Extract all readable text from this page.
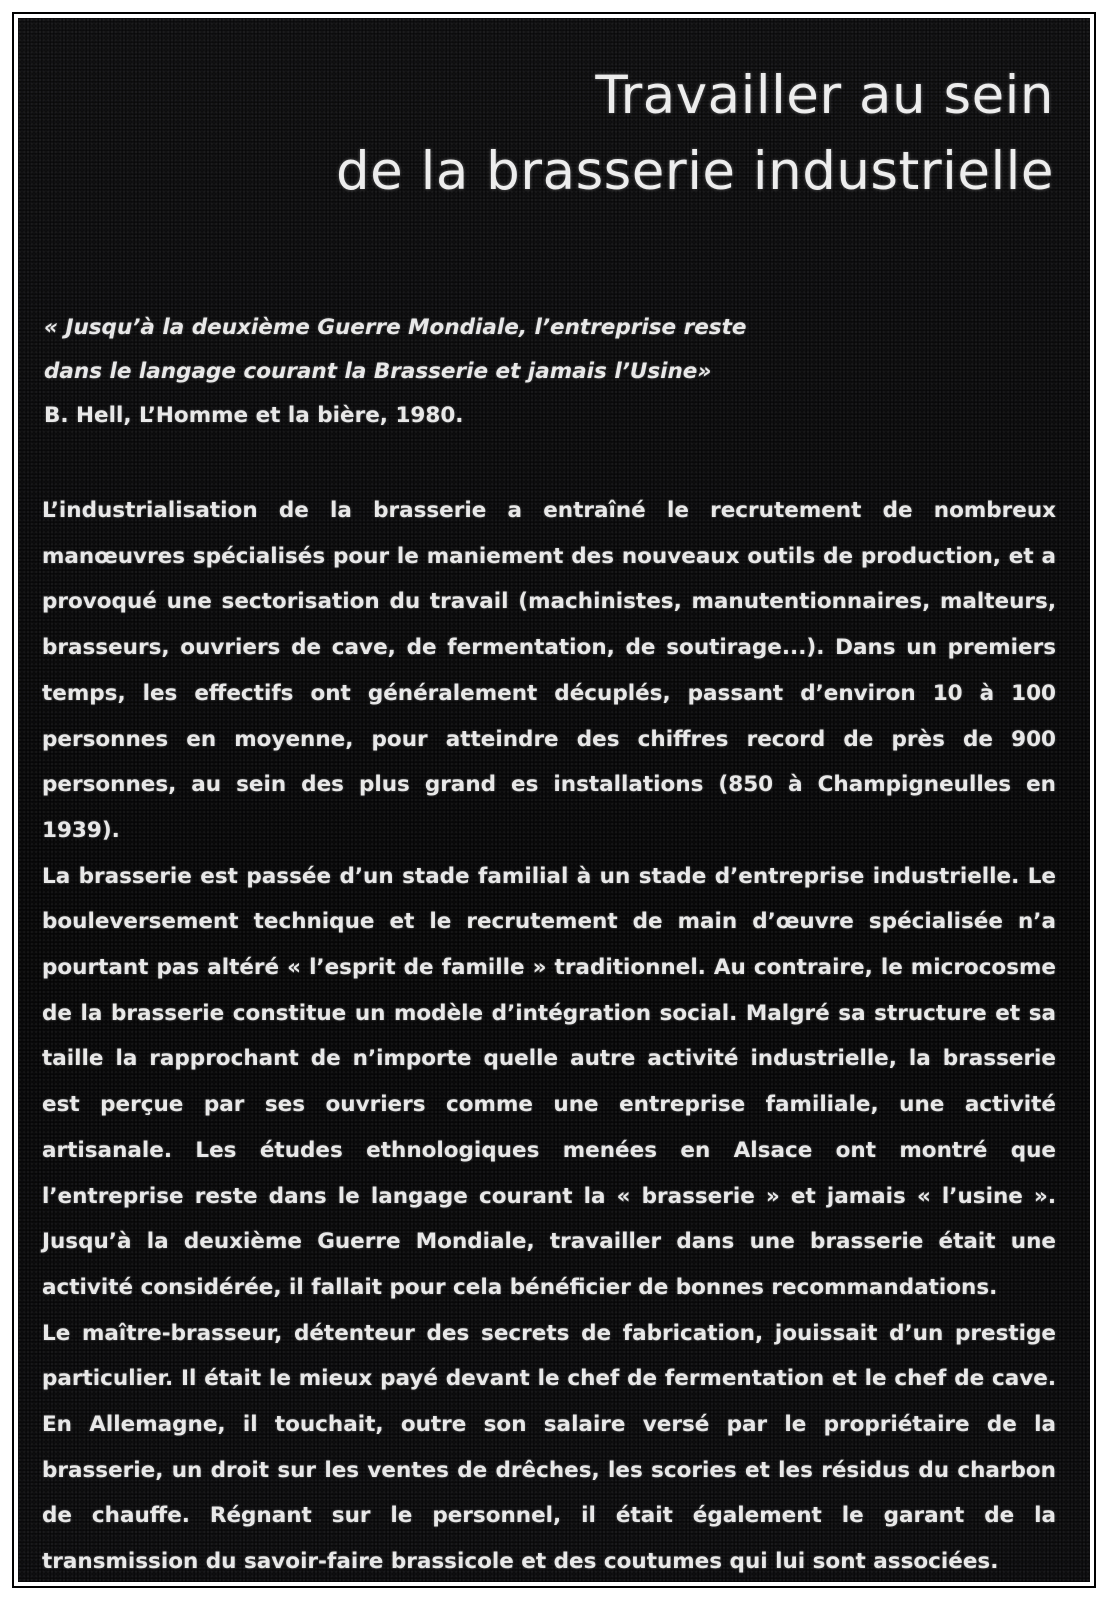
Travailler au sein
de la brasserie industrielle
« Jusqu’à la deuxième Guerre Mondiale, l’entreprise reste
dans le langage courant la Brasserie et jamais l’Usine»
B. Hell, L’Homme et la bière, 1980.

L’industrialisation de la brasserie a entraîné le recrutement de nombreux manœuvres spécialisés pour le maniement des nouveaux outils de production, et a provoqué une sectorisation du travail (machinistes, manutentionnaires, malteurs, brasseurs, ouvriers de cave, de fermentation, de soutirage...). Dans un premiers temps, les effectifs ont généralement décuplés, passant d’environ 10 à 100 personnes en moyenne, pour atteindre des chiffres record de près de 900 personnes, au sein des plus grand es installations (850 à Champigneulles en 1939).

La brasserie est passée d’un stade familial à un stade d’entreprise industrielle. Le bouleversement technique et le recrutement de main d’œuvre spécialisée n’a pourtant pas altéré « l’esprit de famille » traditionnel. Au contraire, le microcosme de la brasserie constitue un modèle d’intégration social. Malgré sa structure et sa taille la rapprochant de n’importe quelle autre activité industrielle, la brasserie est perçue par ses ouvriers comme une entreprise familiale, une activité artisanale. Les études ethnologiques menées en Alsace ont montré que l’entreprise reste dans le langage courant la « brasserie » et jamais « l’usine ». Jusqu’à la deuxième Guerre Mondiale, travailler dans une brasserie était une activité considérée, il fallait pour cela bénéficier de bonnes recommandations.

Le maître-brasseur, détenteur des secrets de fabrication, jouissait d’un prestige particulier. Il était le mieux payé devant le chef de fermentation et le chef de cave. En Allemagne, il touchait, outre son salaire versé par le propriétaire de la brasserie, un droit sur les ventes de drêches, les scories et les résidus du charbon de chauffe. Régnant sur le personnel, il était également le garant de la transmission du savoir-faire brassicole et des coutumes qui lui sont associées.
